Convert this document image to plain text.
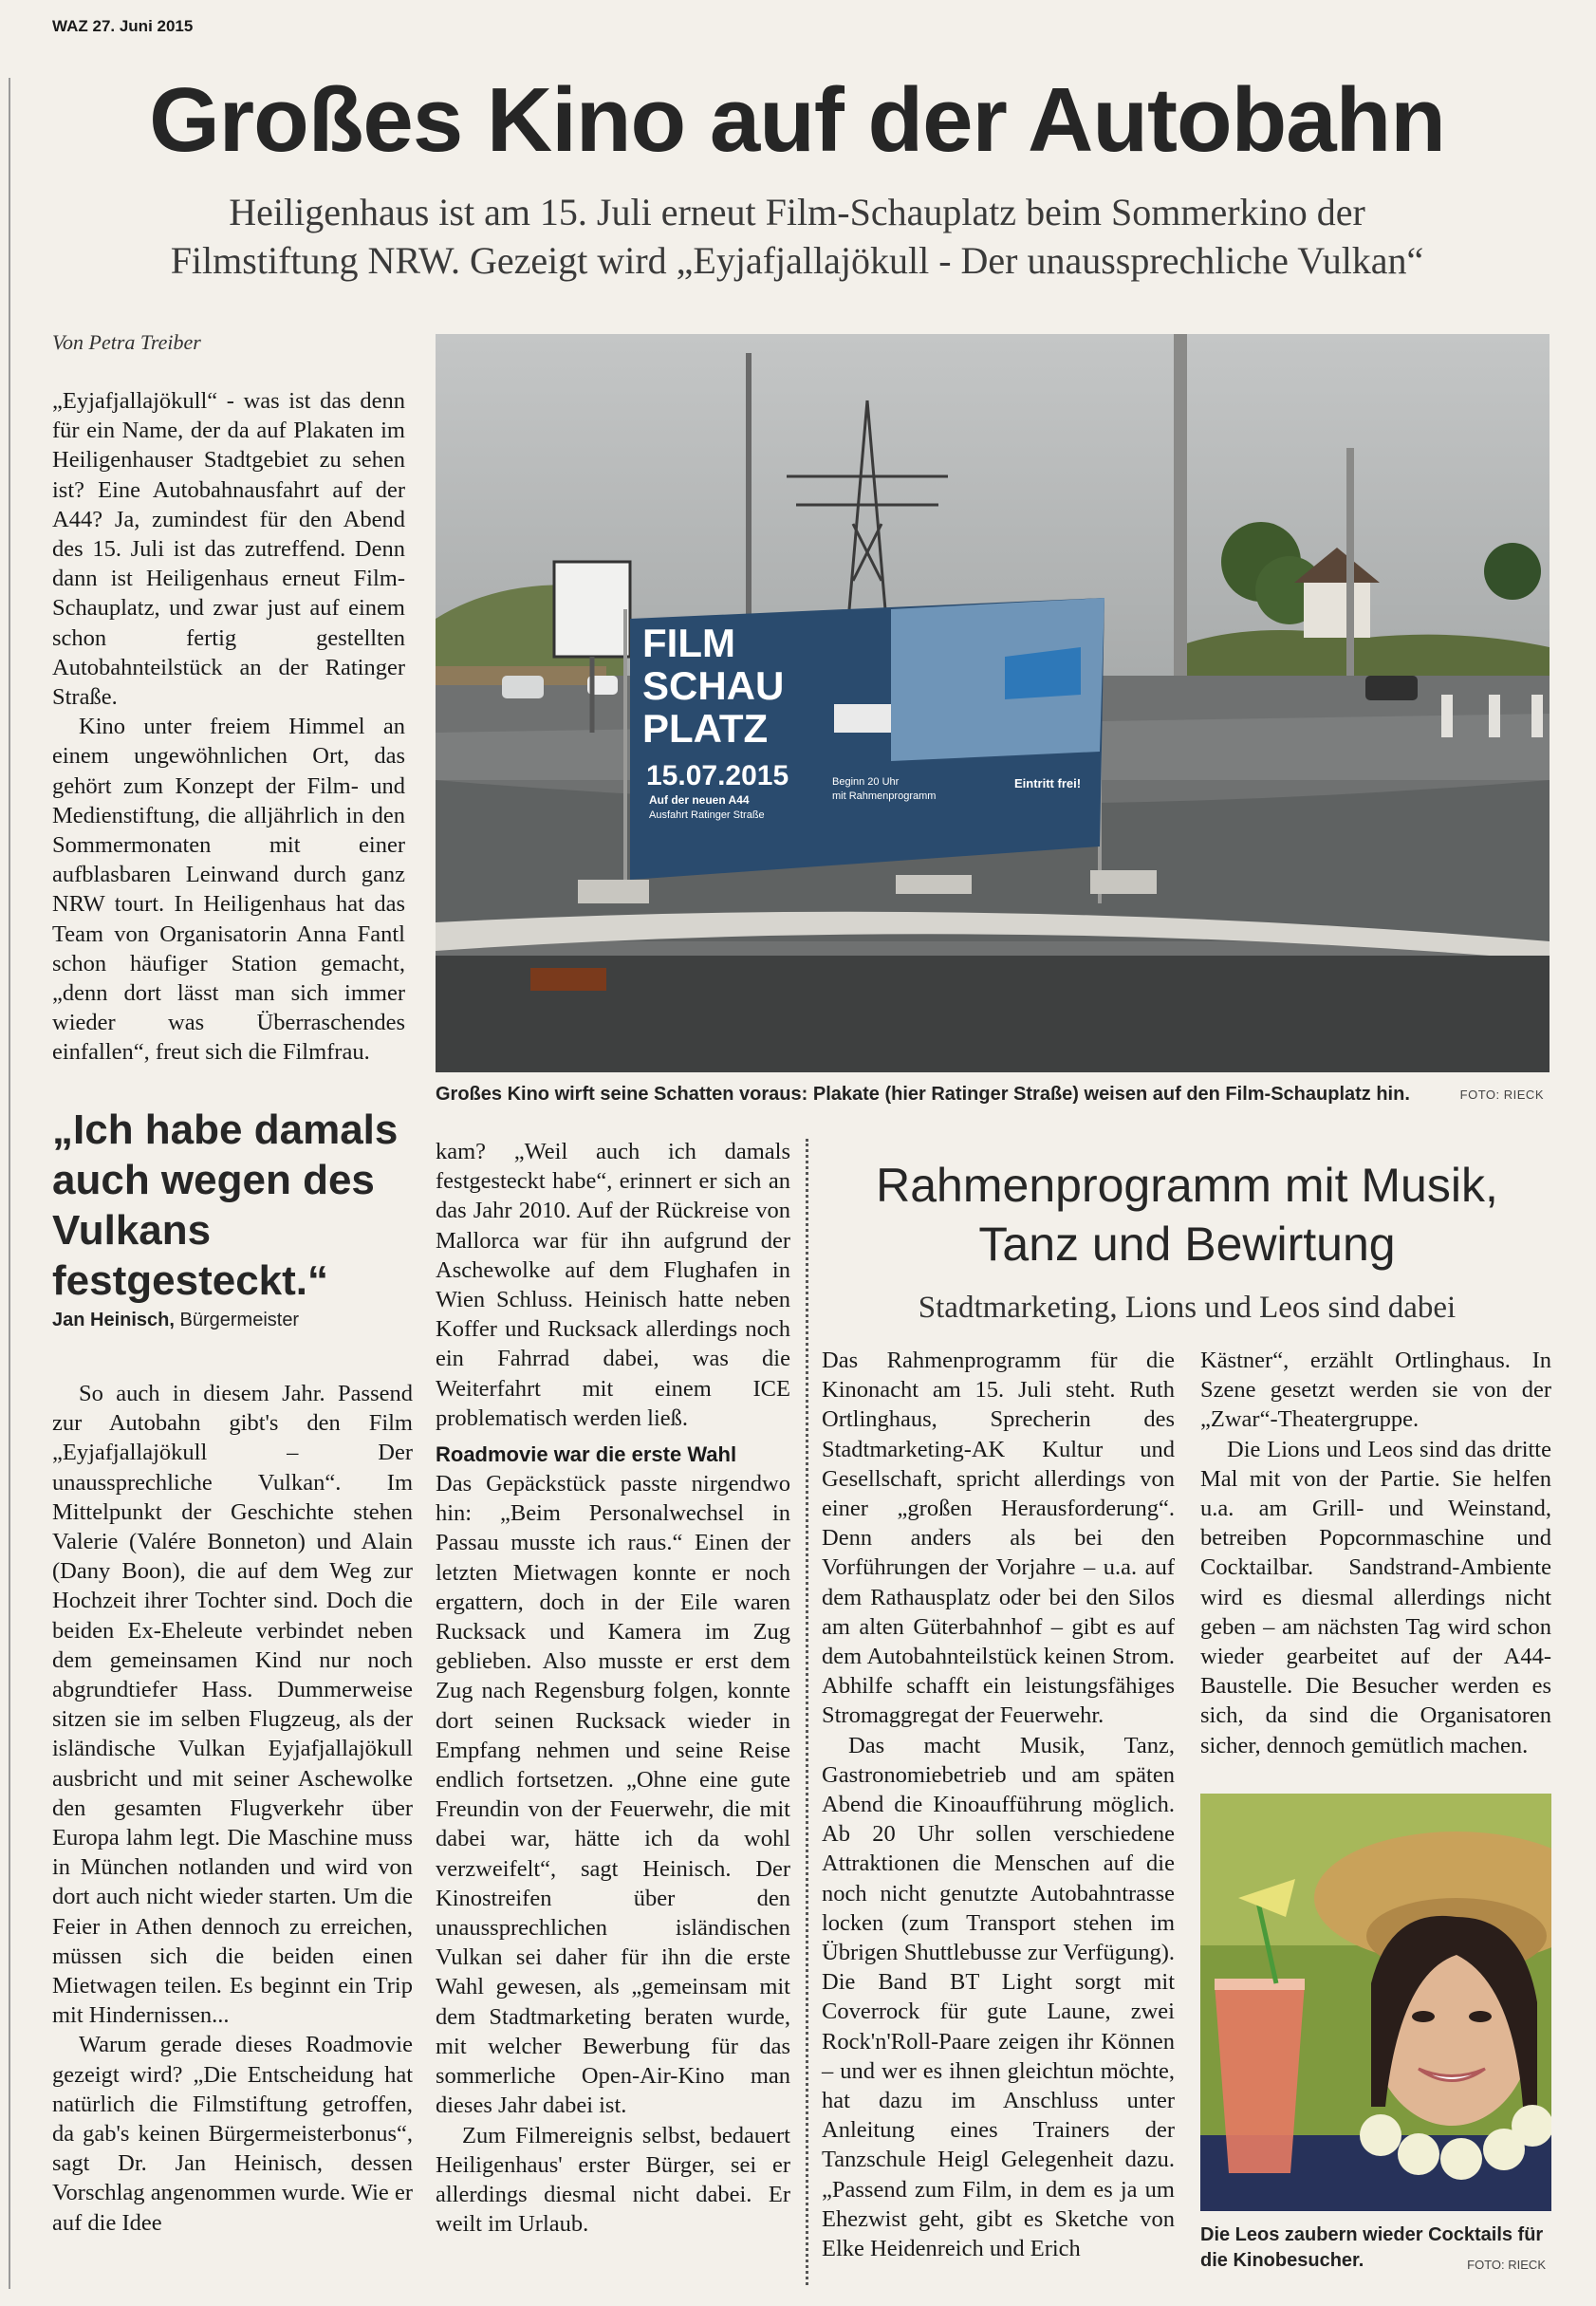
WAZ 27. Juni 2015
Großes Kino auf der Autobahn
Heiligenhaus ist am 15. Juli erneut Film-Schauplatz beim Sommerkino der
Filmstiftung NRW. Gezeigt wird „Eyjafjallajökull - Der unaussprechliche Vulkan“
Von Petra Treiber

„Eyjafjallajökull“ - was ist das denn für ein Name, der da auf Plakaten im Heiligenhauser Stadtgebiet zu sehen ist? Eine Autobahnausfahrt auf der A44? Ja, zumindest für den Abend des 15. Juli ist das zutreffend. Denn dann ist Heiligenhaus erneut Film-Schauplatz, und zwar just auf einem schon fertig gestellten Autobahnteilstück an der Ratinger Straße.

Kino unter freiem Himmel an einem ungewöhnlichen Ort, das gehört zum Konzept der Film- und Medienstiftung, die alljährlich in den Sommermonaten mit einer aufblasbaren Leinwand durch ganz NRW tourt. In Heiligenhaus hat das Team von Organisatorin Anna Fantl schon häufiger Station gemacht, „denn dort lässt man sich immer wieder was Überraschendes einfallen“, freut sich die Filmfrau.

FILM
SCHAU
PLATZ
15.07.2015
Auf der neuen A44
Ausfahrt Ratinger Straße
Beginn 20 Uhr
mit Rahmenprogramm
Eintritt frei!
Großes Kino wirft seine Schatten voraus: Plakate (hier Ratinger Straße) weisen auf den Film-Schauplatz hin.	FOTO: RIECK
„Ich habe damals auch wegen des Vulkans festgesteckt.“
Jan Heinisch, Bürgermeister

So auch in diesem Jahr. Passend zur Autobahn gibt's den Film „Eyjafjallajökull – Der unaussprechliche Vulkan“. Im Mittelpunkt der Geschichte stehen Valerie (Valére Bonneton) und Alain (Dany Boon), die auf dem Weg zur Hochzeit ihrer Tochter sind. Doch die beiden Ex-Eheleute verbindet neben dem gemeinsamen Kind nur noch abgrundtiefer Hass. Dummerweise sitzen sie im selben Flugzeug, als der isländische Vulkan Eyjafjallajökull ausbricht und mit seiner Aschewolke den gesamten Flugverkehr über Europa lahm legt. Die Maschine muss in München notlanden und wird von dort auch nicht wieder starten. Um die Feier in Athen dennoch zu erreichen, müssen sich die beiden einen Mietwagen teilen. Es beginnt ein Trip mit Hindernissen...

Warum gerade dieses Roadmovie gezeigt wird? „Die Entscheidung hat natürlich die Filmstiftung getroffen, da gab's keinen Bürgermeisterbonus“, sagt Dr. Jan Heinisch, dessen Vorschlag angenommen wurde. Wie er auf die Idee

kam? „Weil auch ich damals festgesteckt habe“, erinnert er sich an das Jahr 2010. Auf der Rückreise von Mallorca war für ihn aufgrund der Aschewolke auf dem Flughafen in Wien Schluss. Heinisch hatte neben Koffer und Rucksack allerdings noch ein Fahrrad dabei, was die Weiterfahrt mit einem ICE problematisch werden ließ.

Roadmovie war die erste Wahl

Das Gepäckstück passte nirgendwo hin: „Beim Personalwechsel in Passau musste ich raus.“ Einen der letzten Mietwagen konnte er noch ergattern, doch in der Eile waren Rucksack und Kamera im Zug geblieben. Also musste er erst dem Zug nach Regensburg folgen, konnte dort seinen Rucksack wieder in Empfang nehmen und seine Reise endlich fortsetzen. „Ohne eine gute Freundin von der Feuerwehr, die mit dabei war, hätte ich da wohl verzweifelt“, sagt Heinisch. Der Kinostreifen über den unaussprechlichen isländischen Vulkan sei daher für ihn die erste Wahl gewesen, als „gemeinsam mit dem Stadtmarketing beraten wurde, mit welcher Bewerbung für das sommerliche Open-Air-Kino man dieses Jahr dabei ist.

Zum Filmereignis selbst, bedauert Heiligenhaus' erster Bürger, sei er allerdings diesmal nicht dabei. Er weilt im Urlaub.

Rahmenprogramm mit Musik,
Tanz und Bewirtung
Stadtmarketing, Lions und Leos sind dabei

Das Rahmenprogramm für die Kinonacht am 15. Juli steht. Ruth Ortlinghaus, Sprecherin des Stadtmarketing-AK Kultur und Gesellschaft, spricht allerdings von einer „großen Herausforderung“. Denn anders als bei den Vorführungen der Vorjahre – u.a. auf dem Rathausplatz oder bei den Silos am alten Güterbahnhof – gibt es auf dem Autobahnteilstück keinen Strom. Abhilfe schafft ein leistungsfähiges Stromaggregat der Feuerwehr.

Das macht Musik, Tanz, Gastronomiebetrieb und am späten Abend die Kinoaufführung möglich. Ab 20 Uhr sollen verschiedene Attraktionen die Menschen auf die noch nicht genutzte Autobahntrasse locken (zum Transport stehen im Übrigen Shuttlebusse zur Verfügung). Die Band BT Light sorgt mit Coverrock für gute Laune, zwei Rock'n'Roll-Paare zeigen ihr Können – und wer es ihnen gleichtun möchte, hat dazu im Anschluss unter Anleitung eines Trainers der Tanzschule Heigl Gelegenheit dazu. „Passend zum Film, in dem es ja um Ehezwist geht, gibt es Sketche von Elke Heidenreich und Erich

Kästner“, erzählt Ortlinghaus. In Szene gesetzt werden sie von der „Zwar“-Theatergruppe.

Die Lions und Leos sind das dritte Mal mit von der Partie. Sie helfen u.a. am Grill- und Weinstand, betreiben Popcornmaschine und Cocktailbar. Sandstrand-Ambiente wird es diesmal allerdings nicht geben – am nächsten Tag wird schon wieder gearbeitet auf der A44-Baustelle. Die Besucher werden es sich, da sind die Organisatoren sicher, dennoch gemütlich machen.

Die Leos zaubern wieder Cocktails für die Kinobesucher.	FOTO: RIECK
